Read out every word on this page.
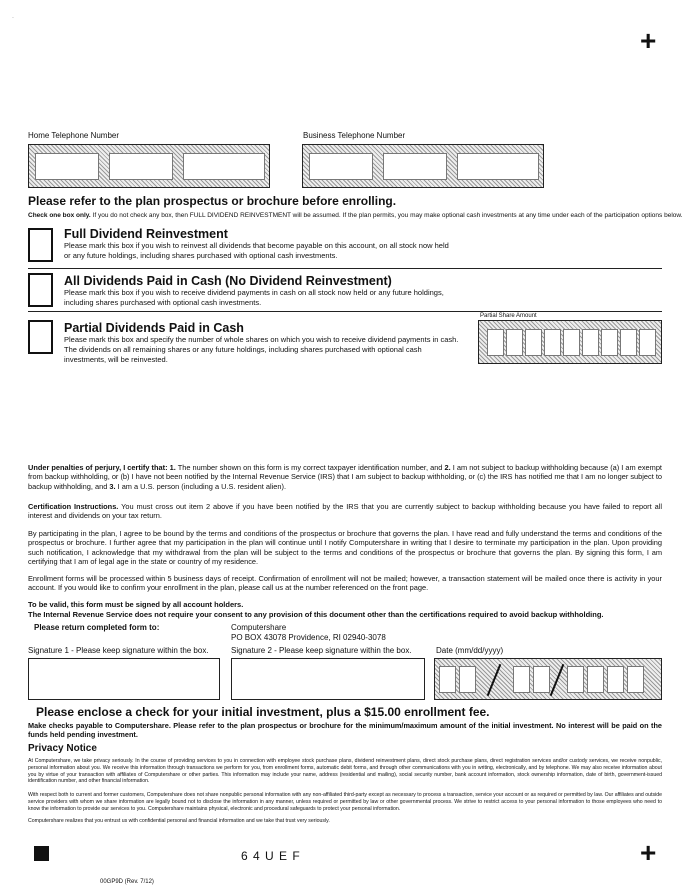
+
.
Home Telephone Number	Business Telephone Number
Please refer to the plan prospectus or brochure before enrolling.
Check one box only. If you do not check any box, then FULL DIVIDEND REINVESTMENT will be assumed. If the plan permits, you may make optional cash investments at any time under each of the participation options below.
Full Dividend Reinvestment
Please mark this box if you wish to reinvest all dividends that become payable on this account, on all stock now held
or any future holdings, including shares purchased with optional cash investments.
All Dividends Paid in Cash (No Dividend Reinvestment)
Please mark this box if you wish to receive dividend payments in cash on all stock now held or any future holdings,
including shares purchased with optional cash investments.
Partial Dividends Paid in Cash
Please mark this box and specify the number of whole shares on which you wish to receive dividend payments in cash.
The dividends on all remaining shares or any future holdings, including shares purchased with optional cash
investments, will be reinvested.
Partial Share Amount
Under penalties of perjury, I certify that: 1. The number shown on this form is my correct taxpayer identification number, and 2. I am not subject to backup withholding because (a) I am exempt from backup withholding, or (b) I have not been notified by the Internal Revenue Service (IRS) that I am subject to backup withholding, or (c) the IRS has notified me that I am no longer subject to backup withholding, and 3. I am a U.S. person (including a U.S. resident alien).
Certification Instructions. You must cross out item 2 above if you have been notified by the IRS that you are currently subject to backup withholding because you have failed to report all interest and dividends on your tax return.
By participating in the plan, I agree to be bound by the terms and conditions of the prospectus or brochure that governs the plan. I have read and fully understand the terms and conditions of the prospectus or brochure. I further agree that my participation in the plan will continue until I notify Computershare in writing that I desire to terminate my participation in the plan. Upon providing such notification, I acknowledge that my withdrawal from the plan will be subject to the terms and conditions of the prospectus or brochure that governs the plan. By signing this form, I am certifying that I am of legal age in the state or country of my residence.
Enrollment forms will be processed within 5 business days of receipt. Confirmation of enrollment will not be mailed; however, a transaction statement will be mailed once there is activity in your account. If you would like to confirm your enrollment in the plan, please call us at the number referenced on the front page.
To be valid, this form must be signed by all account holders.
The Internal Revenue Service does not require your consent to any provision of this document other than the certifications required to avoid backup withholding.
Please return completed form to:	Computershare
PO BOX 43078 Providence, RI 02940-3078
Signature 1 - Please keep signature within the box.	Signature 2 - Please keep signature within the box.	Date (mm/dd/yyyy)
Please enclose a check for your initial investment, plus a $15.00 enrollment fee.
Make checks payable to Computershare. Please refer to the plan prospectus or brochure for the minimum/maximum amount of the initial investment. No interest will be paid on the funds held pending investment.
Privacy Notice
At Computershare, we take privacy seriously. In the course of providing services to you in connection with employee stock purchase plans, dividend reinvestment plans, direct stock purchase plans, direct registration services and/or custody services, we receive nonpublic, personal information about you. We receive this information through transactions we perform for you, from enrollment forms, automatic debit forms, and through other communications with you in writing, electronically, and by telephone. We may also receive information about you by virtue of your transaction with affiliates of Computershare or other parties. This information may include your name, address (residential and mailing), social security number, bank account information, stock ownership information, date of birth, government-issued identification number, and other financial information.
With respect both to current and former customers, Computershare does not share nonpublic personal information with any non-affiliated third-party except as necessary to process a transaction, service your account or as required or permitted by law. Our affiliates and outside service providers with whom we share information are legally bound not to disclose the information in any manner, unless required or permitted by law or other governmental process. We strive to restrict access to your personal information to those employees who need to know the information to provide our services to you. Computershare maintains physical, electronic and procedural safeguards to protect your personal information.
Computershare realizes that you entrust us with confidential personal and financial information and we take that trust very seriously.
6 4 U E F	+
00GP9D (Rev. 7/12)
